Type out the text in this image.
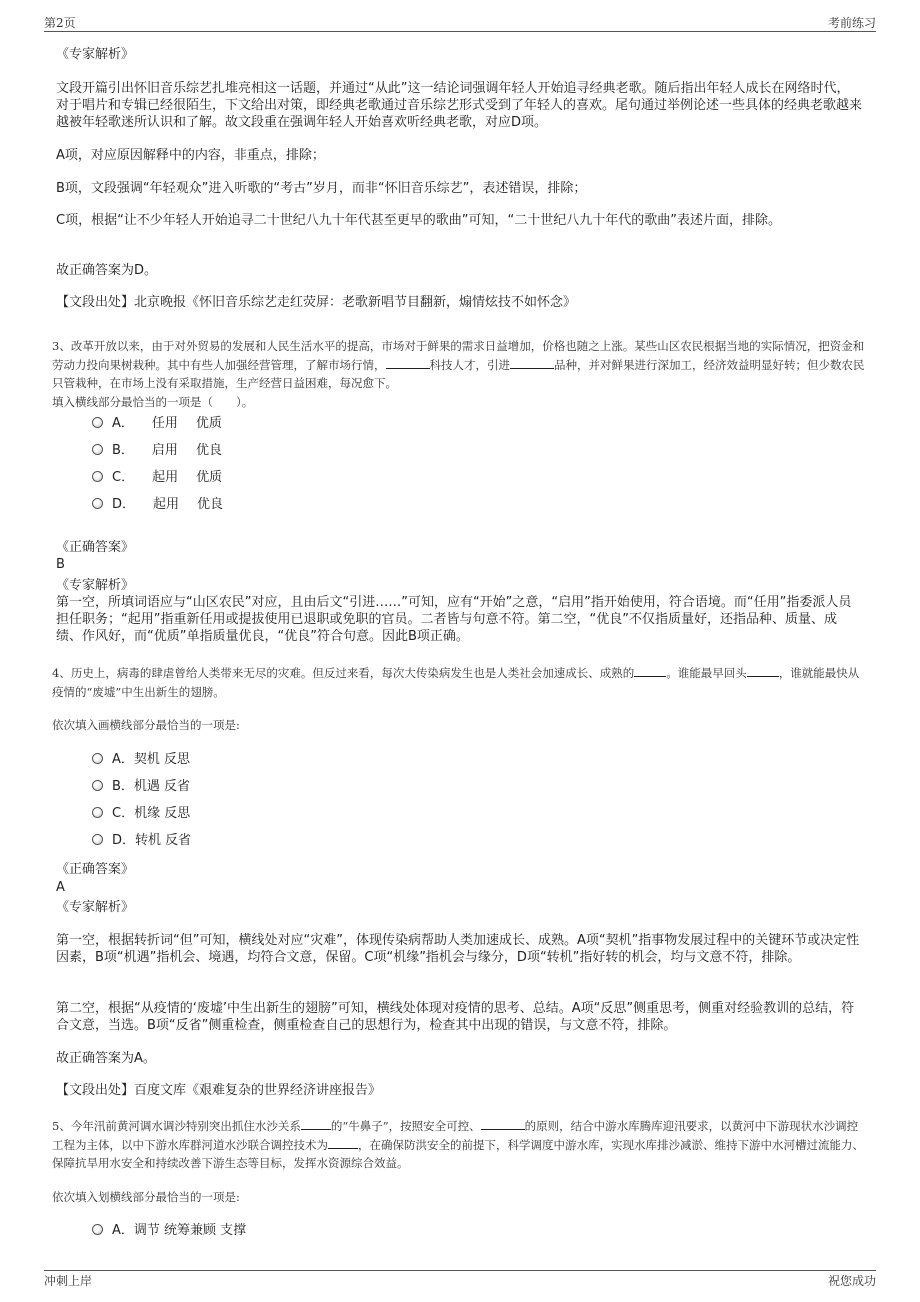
第2页	考前练习

《专家解析》

文段开篇引出怀旧音乐综艺扎堆亮相这一话题，并通过“从此”这一结论词强调年轻人开始追寻经典老歌。随后指出年轻人成长在网络时代，对于唱片和专辑已经很陌生，下文给出对策，即经典老歌通过音乐综艺形式受到了年轻人的喜欢。尾句通过举例论述一些具体的经典老歌越来越被年轻歌迷所认识和了解。故文段重在强调年轻人开始喜欢听经典老歌，对应D项。

A项，对应原因解释中的内容，非重点，排除；

B项，文段强调“年轻观众”进入听歌的“考古”岁月，而非“怀旧音乐综艺”，表述错误，排除；

C项，根据“让不少年轻人开始追寻二十世纪八九十年代甚至更早的歌曲”可知，“二十世纪八九十年代的歌曲”表述片面，排除。

故正确答案为D。

【文段出处】北京晚报《怀旧音乐综艺走红荧屏：老歌新唱节目翻新，煽情炫技不如怀念》

3、改革开放以来，由于对外贸易的发展和人民生活水平的提高，市场对于鲜果的需求日益增加，价格也随之上涨。某些山区农民根据当地的实际情况，把资金和劳动力投向果树栽种。其中有些人加强经营管理，了解市场行情，	科技人才，引进	品种，并对鲜果进行深加工，经济效益明显好转；但少数农民只管栽种，在市场上没有采取措施，生产经营日益困难，每况愈下。

填入横线部分最恰当的一项是（　　）。

A． 任用 优质
B． 启用 优良
C． 起用 优质
D． 起用 优良

《正确答案》

B

《专家解析》

第一空，所填词语应与“山区农民”对应，且由后文“引进……”可知，应有“开始”之意，“启用”指开始使用，符合语境。而“任用”指委派人员担任职务；“起用”指重新任用或提拔使用已退职或免职的官员。二者皆与句意不符。第二空，“优良”不仅指质量好，还指品种、质量、成绩、作风好，而“优质”单指质量优良，“优良”符合句意。因此B项正确。

4、历史上，病毒的肆虐曾给人类带来无尽的灾难。但反过来看，每次大传染病发生也是人类社会加速成长、成熟的	。谁能最早回头	，谁就能最快从疫情的“废墟”中生出新生的翅膀。

依次填入画横线部分最恰当的一项是:

A．契机 反思
B．机遇 反省
C．机缘 反思
D．转机 反省

《正确答案》

A

《专家解析》

第一空，根据转折词“但”可知，横线处对应“灾难”，体现传染病帮助人类加速成长、成熟。A项“契机”指事物发展过程中的关键环节或决定性因素，B项“机遇”指机会、境遇，均符合文意，保留。C项“机缘”指机会与缘分，D项“转机”指好转的机会，均与文意不符，排除。

第二空，根据“从疫情的‘废墟’中生出新生的翅膀”可知，横线处体现对疫情的思考、总结。A项“反思”侧重思考，侧重对经验教训的总结，符合文意，当选。B项“反省”侧重检查，侧重检查自己的思想行为，检查其中出现的错误，与文意不符，排除。

故正确答案为A。

【文段出处】百度文库《艰难复杂的世界经济讲座报告》

5、今年汛前黄河调水调沙特别突出抓住水沙关系	的“牛鼻子”，按照安全可控、	的原则，结合中游水库腾库迎汛要求，以黄河中下游现状水沙调控工程为主体，以中下游水库群河道水沙联合调控技术为	，在确保防洪安全的前提下，科学调度中游水库，实现水库排沙减淤、维持下游中水河槽过流能力、保障抗旱用水安全和持续改善下游生态等目标，发挥水资源综合效益。

依次填入划横线部分最恰当的一项是:

A．调节 统筹兼顾 支撑
冲刺上岸	祝您成功
